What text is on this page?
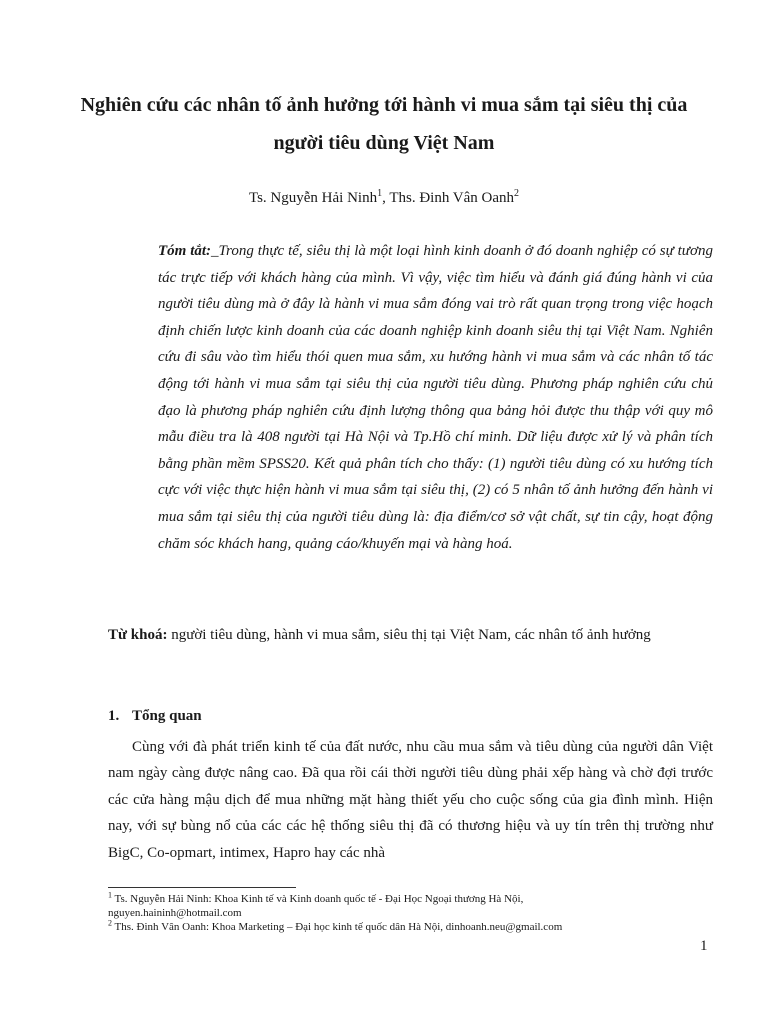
Nghiên cứu các nhân tố ảnh hưởng tới hành vi mua sắm tại siêu thị của người tiêu dùng Việt Nam
Ts. Nguyễn Hải Ninh$^1$, Ths. Đinh Vân Oanh$^2$

Tóm tắt:_Trong thực tế, siêu thị là một loại hình kinh doanh ở đó doanh nghiệp có sự tương tác trực tiếp với khách hàng của mình. Vì vậy, việc tìm hiểu và đánh giá đúng hành vi của người tiêu dùng mà ở đây là hành vi mua sắm đóng vai trò rất quan trọng trong việc hoạch định chiến lược kinh doanh của các doanh nghiệp kinh doanh siêu thị tại Việt Nam. Nghiên cứu đi sâu vào tìm hiểu thói quen mua sắm, xu hướng hành vi mua sắm và các nhân tố tác động tới hành vi mua sắm tại siêu thị của người tiêu dùng. Phương pháp nghiên cứu chủ đạo là phương pháp nghiên cứu định lượng thông qua bảng hỏi được thu thập với quy mô mẫu điều tra là 408 người tại Hà Nội và Tp.Hồ chí minh. Dữ liệu được xử lý và phân tích bằng phần mềm SPSS20. Kết quả phân tích cho thấy: (1) người tiêu dùng có xu hướng tích cực với việc thực hiện hành vi mua sắm tại siêu thị, (2) có 5 nhân tố ảnh hưởng đến hành vi mua sắm tại siêu thị của người tiêu dùng là: địa điểm/cơ sở vật chất, sự tin cậy, hoạt động chăm sóc khách hang, quảng cáo/khuyến mại và hàng hoá.

Từ khoá: người tiêu dùng, hành vi mua sắm, siêu thị tại Việt Nam, các nhân tố ảnh hưởng

1. Tổng quan

Cùng với đà phát triển kinh tế của đất nước, nhu cầu mua sắm và tiêu dùng của người dân Việt nam ngày càng được nâng cao. Đã qua rồi cái thời người tiêu dùng phải xếp hàng và chờ đợi trước các cửa hàng mậu dịch để mua những mặt hàng thiết yếu cho cuộc sống của gia đình mình. Hiện nay, với sự bùng nổ của các các hệ thống siêu thị đã có thương hiệu và uy tín trên thị trường như BigC, Co-opmart, intimex, Hapro hay các nhà

$^1$ Ts. Nguyễn Hải Ninh: Khoa Kinh tế và Kinh doanh quốc tế - Đại Học Ngoại thương Hà Nội,

nguyen.haininh@hotmail.com

$^2$ Ths. Đinh Vân Oanh: Khoa Marketing – Đại học kinh tế quốc dân Hà Nội, dinhoanh.neu@gmail.com

1
